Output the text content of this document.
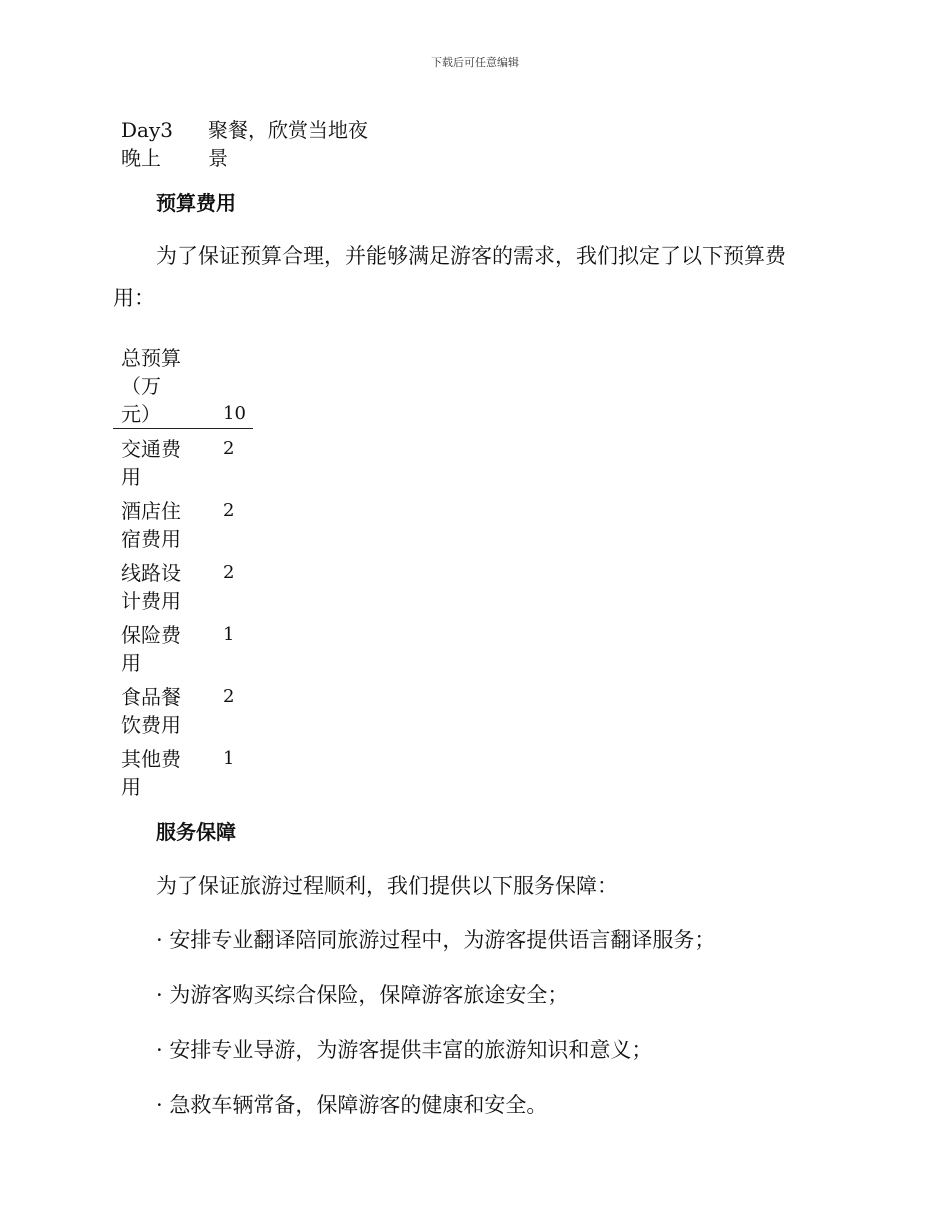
下载后可任意编辑
Day3
晚上
聚餐，欣赏当地夜
景
预算费用
为了保证预算合理，并能够满足游客的需求，我们拟定了以下预算费
用：
总预算
（万
元）	10
交通费
用
2
酒店住
宿费用
2
线路设
计费用
2
保险费
用
1
食品餐
饮费用
2
其他费
用
1
服务保障
为了保证旅游过程顺利，我们提供以下服务保障：
· 安排专业翻译陪同旅游过程中，为游客提供语言翻译服务；
· 为游客购买综合保险，保障游客旅途安全；
· 安排专业导游，为游客提供丰富的旅游知识和意义；
· 急救车辆常备，保障游客的健康和安全。
